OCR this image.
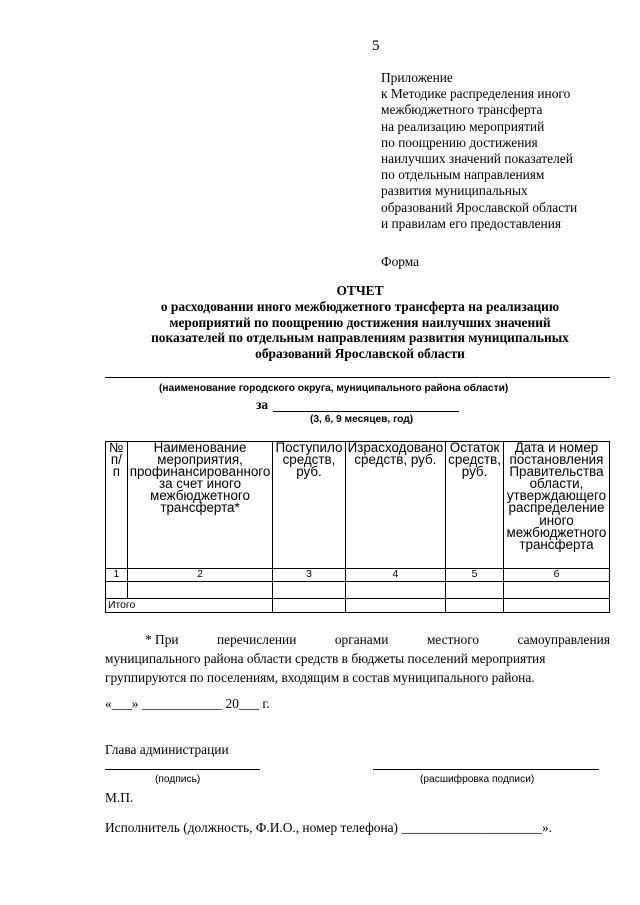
5
Приложение
к Методике распределения иного
межбюджетного трансферта
на реализацию мероприятий
по поощрению достижения
наилучших значений показателей
по отдельным направлениям
развития муниципальных
образований Ярославской области
и правилам его предоставления
Форма
ОТЧЕТ
о расходовании иного межбюджетного трансферта на реализацию
мероприятий по поощрению достижения наилучших значений
показателей по отдельным направлениям развития муниципальных
образований Ярославской области
(наименование городского округа, муниципального района области)
за
(3, 6, 9 месяцев, год)
№ п/п	Наименование мероприятия, профинансированного за счет иного межбюджетного трансферта*	Поступило средств, руб.	Израсходовано средств, руб.	Остаток средств, руб.	Дата и номер постановления Правительства области, утверждающего распределение иного межбюджетного трансферта
1	2	3	4	5	6

Итого					
* При	перечислении	органами	местного	самоуправления
муниципального района области средств в бюджеты поселений мероприятия
группируются по поселениям, входящим в состав муниципального района.
«___» ____________ 20___ г.
Глава администрации
(подпись)	(расшифровка подписи)
М.П.
Исполнитель (должность, Ф.И.О., номер телефона) _____________________».
